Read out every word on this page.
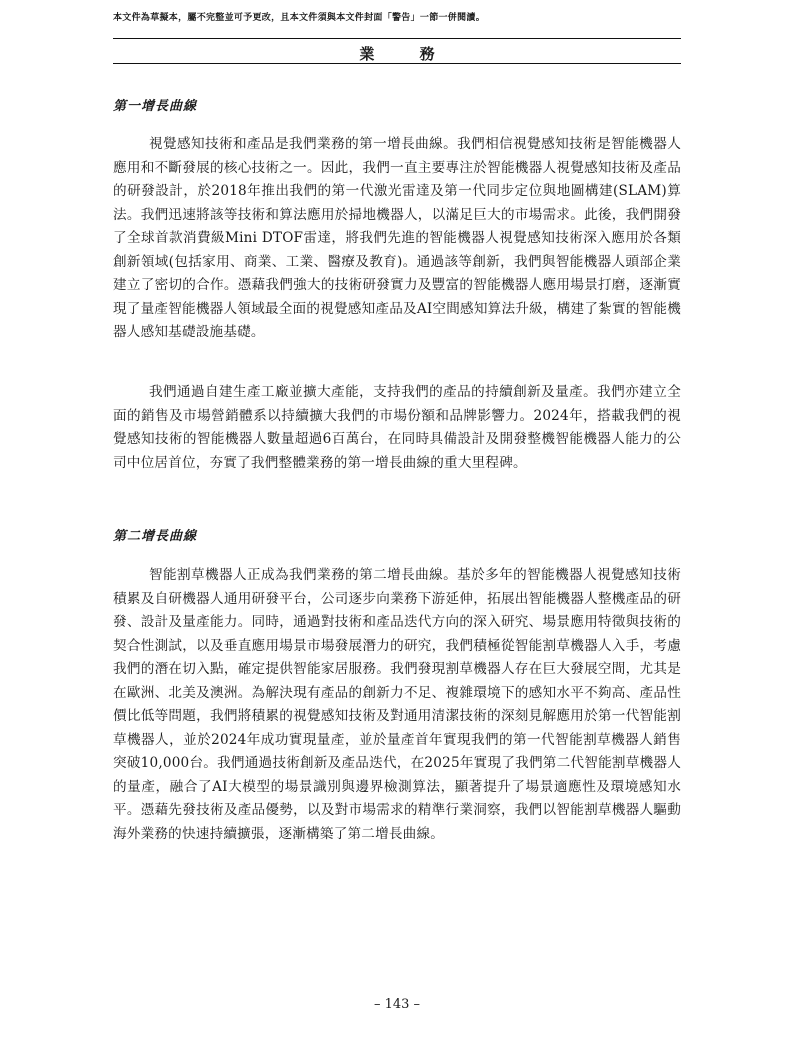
本文件為草擬本，屬不完整並可予更改，且本文件須與本文件封面「警告」一節一併閱讀。
業 務
第一增長曲線

視覺感知技術和產品是我們業務的第一增長曲線。我們相信視覺感知技術是智能機器人應用和不斷發展的核心技術之一。因此，我們一直主要專注於智能機器人視覺感知技術及產品的研發設計，於2018年推出我們的第一代激光雷達及第一代同步定位與地圖構建(SLAM)算法。我們迅速將該等技術和算法應用於掃地機器人，以滿足巨大的市場需求。此後，我們開發了全球首款消費級Mini DTOF雷達，將我們先進的智能機器人視覺感知技術深入應用於各類創新領域(包括家用、商業、工業、醫療及教育)。通過該等創新，我們與智能機器人頭部企業建立了密切的合作。憑藉我們強大的技術研發實力及豐富的智能機器人應用場景打磨，逐漸實現了量產智能機器人領域最全面的視覺感知產品及AI空間感知算法升級，構建了紮實的智能機器人感知基礎設施基礎。

我們通過自建生產工廠並擴大產能，支持我們的產品的持續創新及量產。我們亦建立全面的銷售及市場營銷體系以持續擴大我們的市場份額和品牌影響力。2024年，搭載我們的視覺感知技術的智能機器人數量超過6百萬台，在同時具備設計及開發整機智能機器人能力的公司中位居首位，夯實了我們整體業務的第一增長曲線的重大里程碑。

第二增長曲線

智能割草機器人正成為我們業務的第二增長曲線。基於多年的智能機器人視覺感知技術積累及自研機器人通用研發平台，公司逐步向業務下游延伸，拓展出智能機器人整機產品的研發、設計及量產能力。同時，通過對技術和產品迭代方向的深入研究、場景應用特徵與技術的契合性測試，以及垂直應用場景市場發展潛力的研究，我們積極從智能割草機器人入手，考慮我們的潛在切入點，確定提供智能家居服務。我們發現割草機器人存在巨大發展空間，尤其是在歐洲、北美及澳洲。為解決現有產品的創新力不足、複雜環境下的感知水平不夠高、產品性價比低等問題，我們將積累的視覺感知技術及對通用清潔技術的深刻見解應用於第一代智能割草機器人，並於2024年成功實現量產，並於量產首年實現我們的第一代智能割草機器人銷售突破10,000台。我們通過技術創新及產品迭代，在2025年實現了我們第二代智能割草機器人的量產，融合了AI大模型的場景識別與邊界檢測算法，顯著提升了場景適應性及環境感知水平。憑藉先發技術及產品優勢，以及對市場需求的精準行業洞察，我們以智能割草機器人驅動海外業務的快速持續擴張，逐漸構築了第二增長曲線。

– 143 –
